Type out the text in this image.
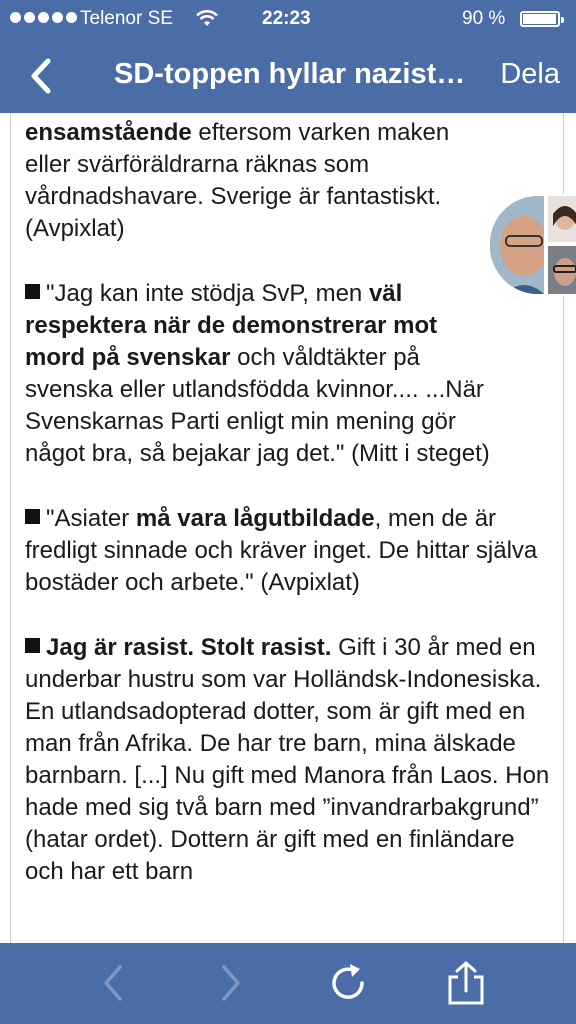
Telenor SE	22:23	90 %
SD-toppen hyllar nazist… Dela

ensamstående eftersom varken maken
eller svärföräldrarna räknas som
vårdnadshavare. Sverige är fantastiskt.
(Avpixlat)

"Jag kan inte stödja SvP, men väl respektera när de demonstrerar mot mord på svenskar och våldtäkter på svenska eller utlandsfödda kvinnor.... ...När Svenskarnas Parti enligt min mening gör något bra, så bejakar jag det." (Mitt i steget)

"Asiater må vara lågutbildade, men de är fredligt sinnade och kräver inget. De hittar själva bostäder och arbete." (Avpixlat)

Jag är rasist. Stolt rasist. Gift i 30 år med en underbar hustru som var Holländsk-Indonesiska. En utlandsadopterad dotter, som är gift med en man från Afrika. De har tre barn, mina älskade barnbarn. [...] Nu gift med Manora från Laos. Hon hade med sig två barn med ”invandrarbakgrund” (hatar ordet). Dottern är gift med en finländare och har ett barn
